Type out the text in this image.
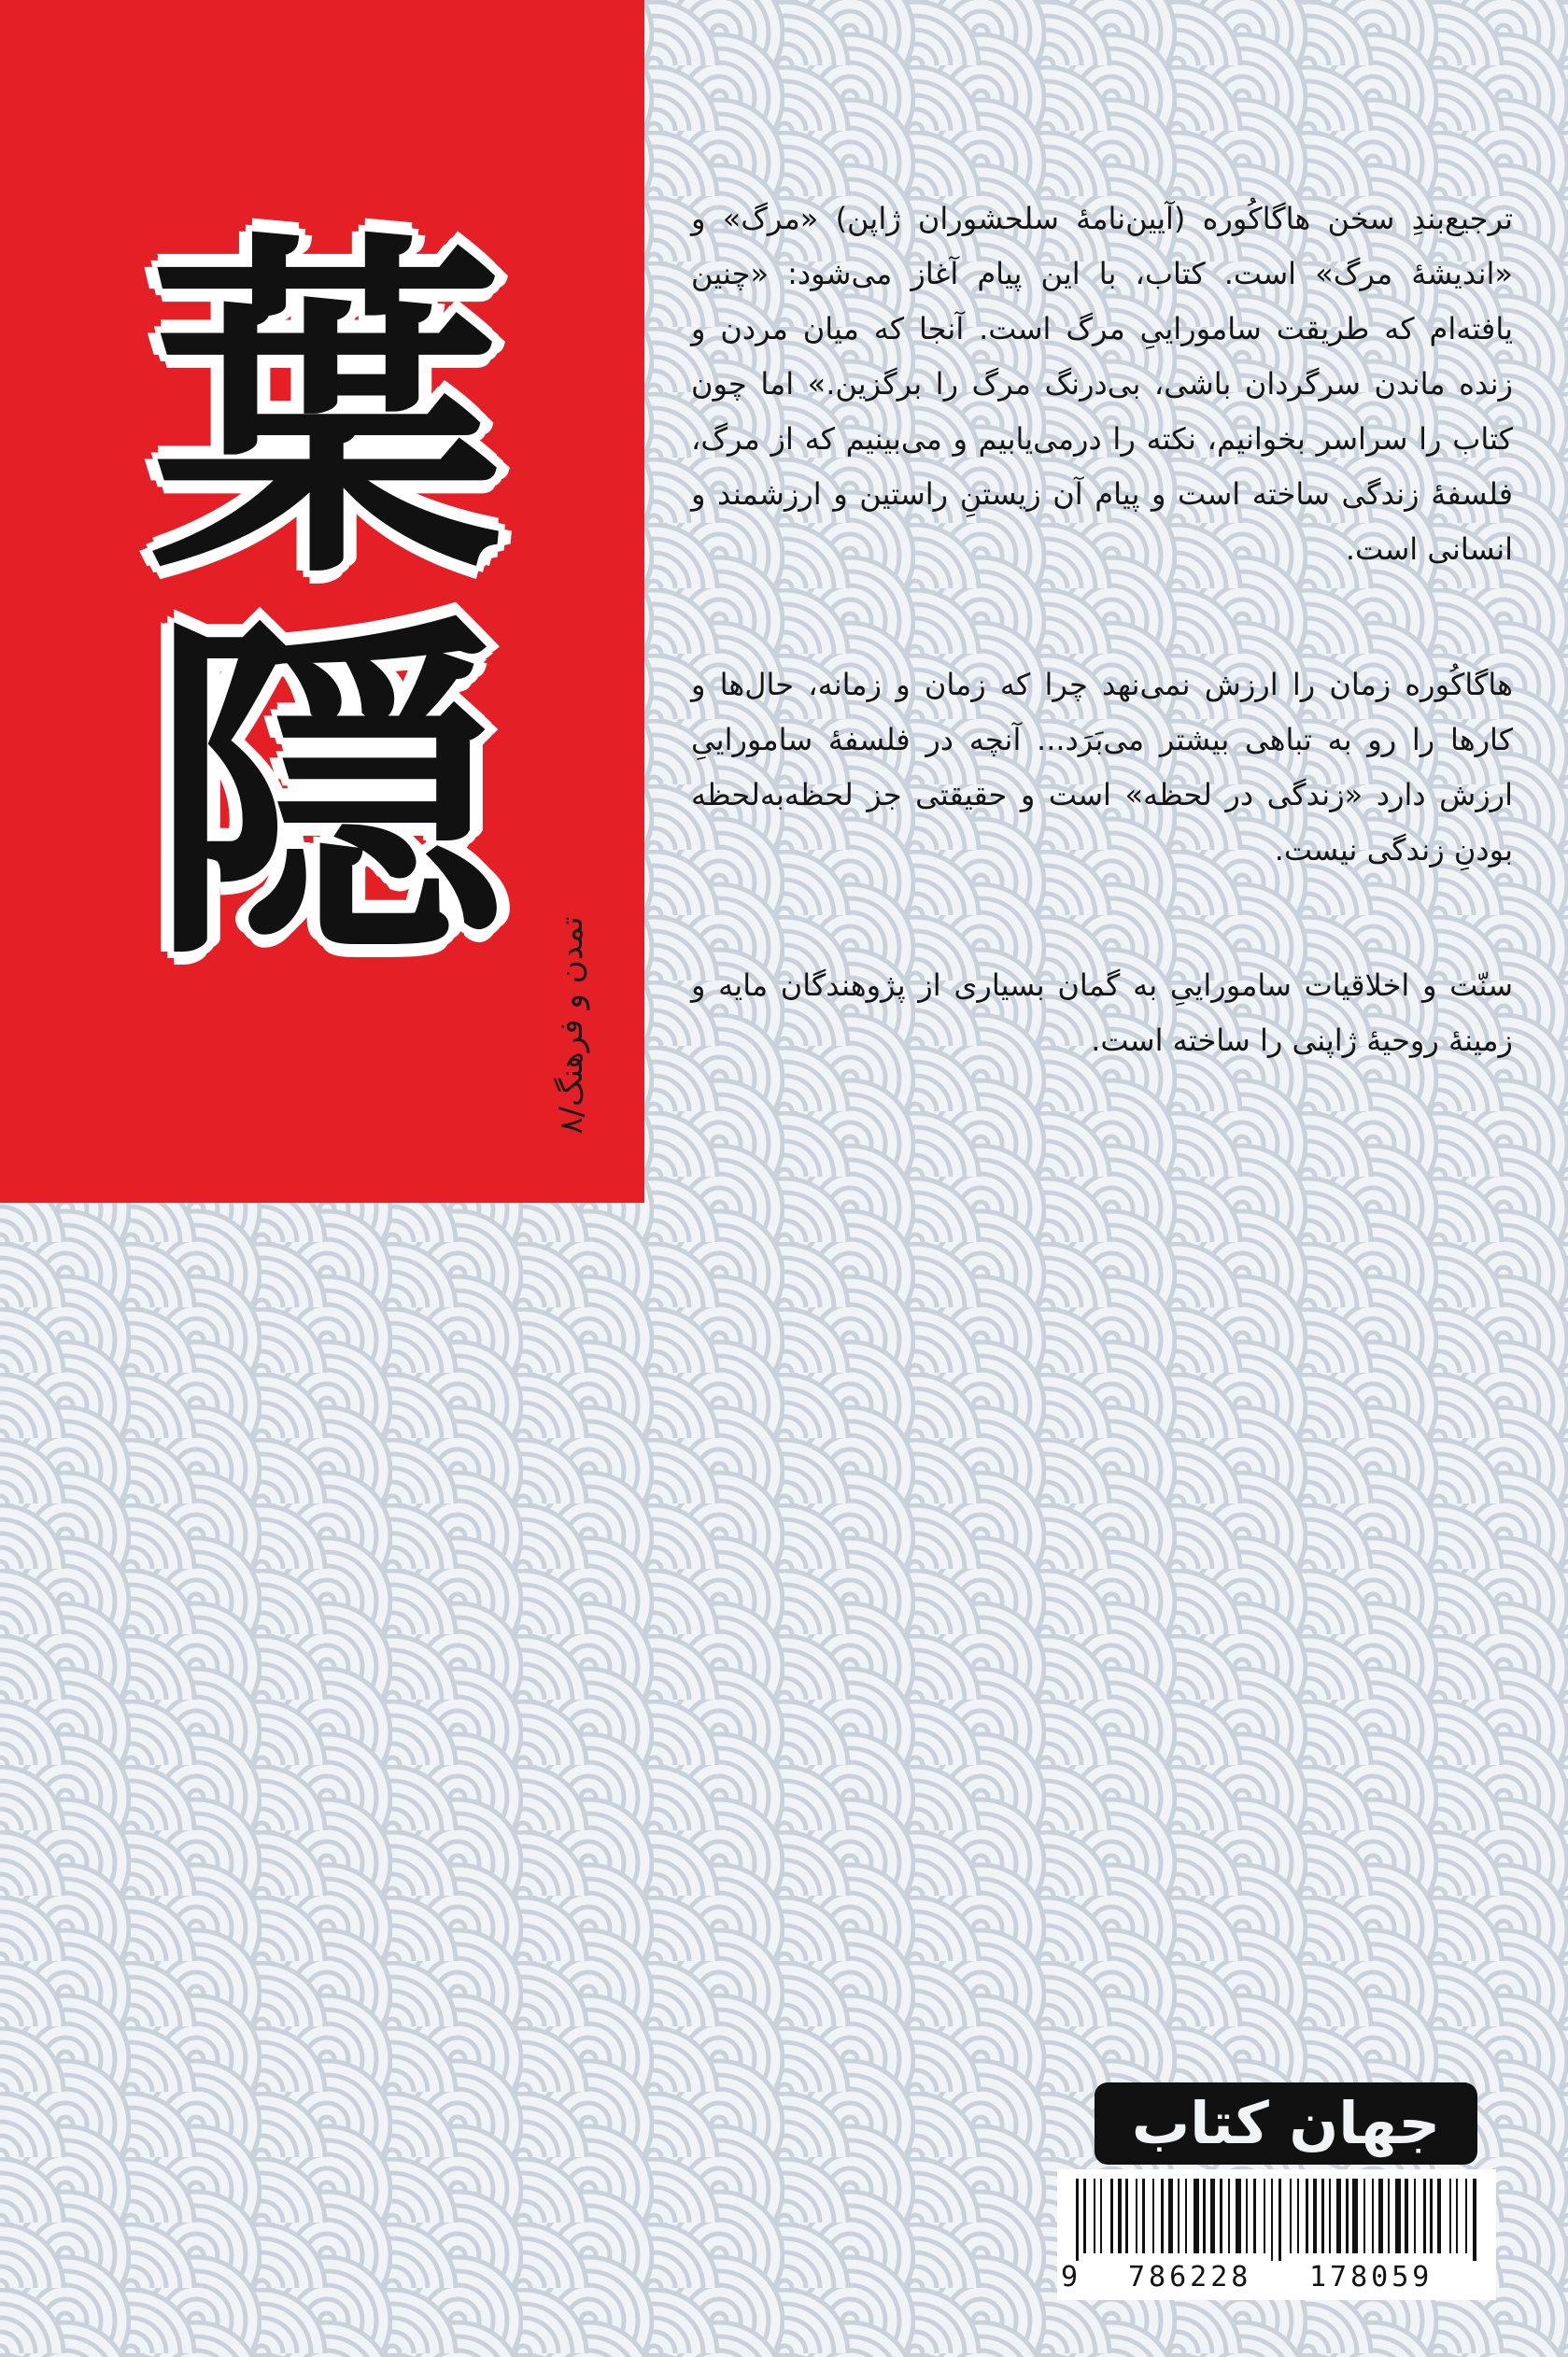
葉
隠
تمدن و فرهنگ/۸

ترجیع‌بندِ سخن هاگاکُوره (آیین‌نامهٔ سلحشوران ژاپن) «مرگ» و «اندیشهٔ مرگ» است. کتاب، با این پیام آغاز می‌شود: «چنین یافته‌ام که طریقت ساموراییِ مرگ است. آنجا که میان مردن و زنده ماندن سرگردان باشی، بی‌درنگ مرگ را برگزین.» اما چون کتاب را سراسر بخوانیم، نکته را درمی‌یابیم و می‌بینیم که از مرگ، فلسفهٔ زندگی ساخته است و پیام آن زیستنِ راستین و ارزشمند و انسانی است.

هاگاکُوره زمان را ارزش نمی‌نهد چرا که زمان و زمانه، حال‌ها و کارها را رو به تباهی بیشتر می‌بَرَد... آنچه در فلسفهٔ ساموراییِ ارزش دارد «زندگی در لحظه» است و حقیقتی جز لحظه‌به‌لحظه بودنِ زندگی نیست.

سنّت و اخلاقیات ساموراییِ به گمان بسیاری از پژوهندگان مایه و زمینهٔ روحیهٔ ژاپنی را ساخته است.

جهان کتاب
9 786228 178059
